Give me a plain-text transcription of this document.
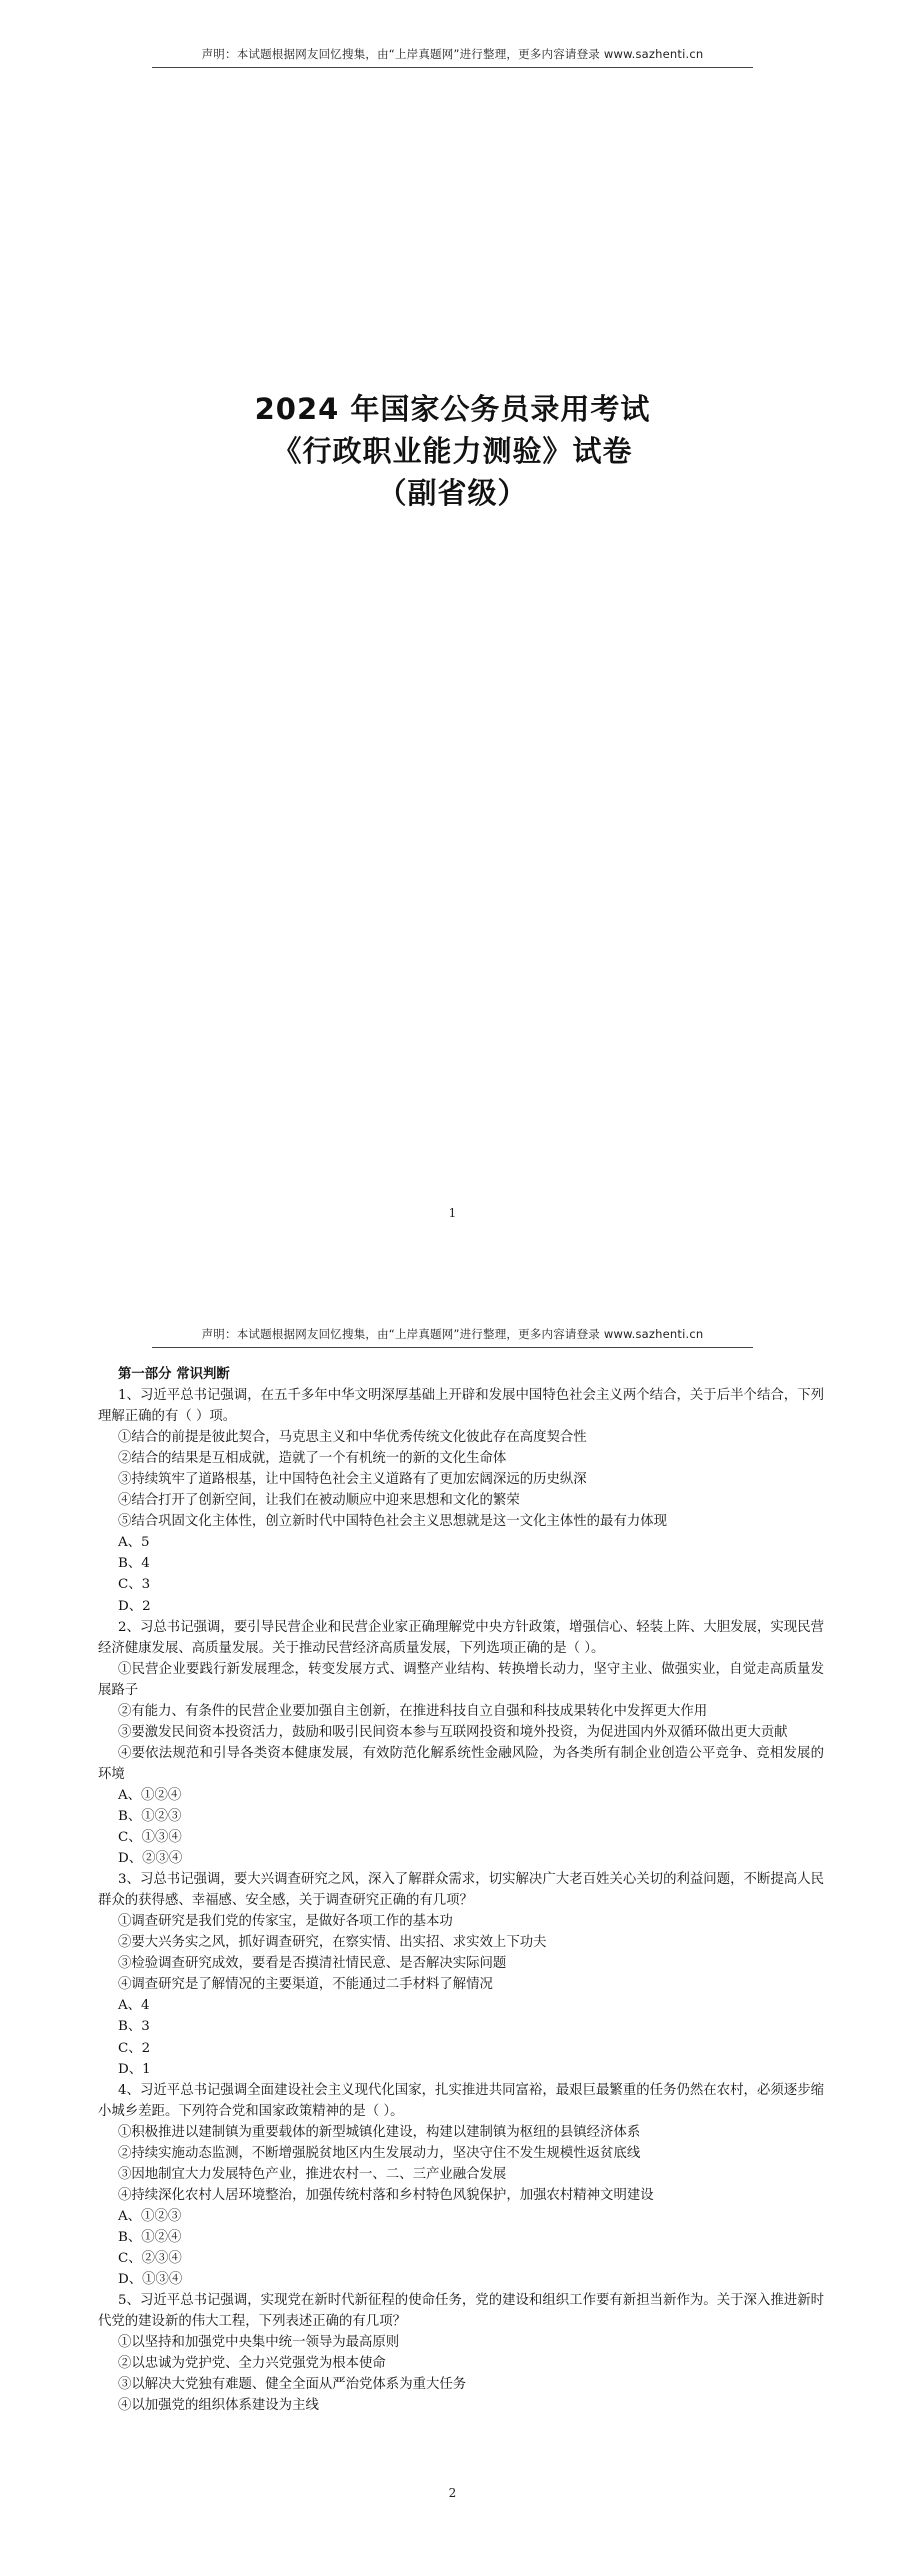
声明：本试题根据网友回忆搜集，由“上岸真题网”进行整理，更多内容请登录 www.sazhenti.cn
2024 年国家公务员录用考试
《行政职业能力测验》试卷
（副省级）
1
声明：本试题根据网友回忆搜集，由“上岸真题网”进行整理，更多内容请登录 www.sazhenti.cn
第一部分 常识判断
1、习近平总书记强调，在五千多年中华文明深厚基础上开辟和发展中国特色社会主义两个结合，关于后半个结合，下列理解正确的有（ ）项。
①结合的前提是彼此契合，马克思主义和中华优秀传统文化彼此存在高度契合性
②结合的结果是互相成就，造就了一个有机统一的新的文化生命体
③持续筑牢了道路根基，让中国特色社会主义道路有了更加宏阔深远的历史纵深
④结合打开了创新空间，让我们在被动顺应中迎来思想和文化的繁荣
⑤结合巩固文化主体性，创立新时代中国特色社会主义思想就是这一文化主体性的最有力体现
A、5
B、4
C、3
D、2
2、习总书记强调，要引导民营企业和民营企业家正确理解党中央方针政策，增强信心、轻装上阵、大胆发展，实现民营经济健康发展、高质量发展。关于推动民营经济高质量发展，下列选项正确的是（ ）。
①民营企业要践行新发展理念，转变发展方式、调整产业结构、转换增长动力，坚守主业、做强实业，自觉走高质量发展路子
②有能力、有条件的民营企业要加强自主创新，在推进科技自立自强和科技成果转化中发挥更大作用
③要激发民间资本投资活力，鼓励和吸引民间资本参与互联网投资和境外投资，为促进国内外双循环做出更大贡献
④要依法规范和引导各类资本健康发展，有效防范化解系统性金融风险，为各类所有制企业创造公平竞争、竞相发展的环境
A、①②④
B、①②③
C、①③④
D、②③④
3、习总书记强调，要大兴调查研究之风，深入了解群众需求，切实解决广大老百姓关心关切的利益问题，不断提高人民群众的获得感、幸福感、安全感，关于调查研究正确的有几项？
①调查研究是我们党的传家宝，是做好各项工作的基本功
②要大兴务实之风，抓好调查研究，在察实情、出实招、求实效上下功夫
③检验调查研究成效，要看是否摸清社情民意、是否解决实际问题
④调查研究是了解情况的主要渠道，不能通过二手材料了解情况
A、4
B、3
C、2
D、1
4、习近平总书记强调全面建设社会主义现代化国家，扎实推进共同富裕，最艰巨最繁重的任务仍然在农村，必须逐步缩小城乡差距。下列符合党和国家政策精神的是（ ）。
①积极推进以建制镇为重要载体的新型城镇化建设，构建以建制镇为枢纽的县镇经济体系
②持续实施动态监测，不断增强脱贫地区内生发展动力，坚决守住不发生规模性返贫底线
③因地制宜大力发展特色产业，推进农村一、二、三产业融合发展
④持续深化农村人居环境整治，加强传统村落和乡村特色风貌保护，加强农村精神文明建设
A、①②③
B、①②④
C、②③④
D、①③④
5、习近平总书记强调，实现党在新时代新征程的使命任务，党的建设和组织工作要有新担当新作为。关于深入推进新时代党的建设新的伟大工程，下列表述正确的有几项？
①以坚持和加强党中央集中统一领导为最高原则
②以忠诚为党护党、全力兴党强党为根本使命
③以解决大党独有难题、健全全面从严治党体系为重大任务
④以加强党的组织体系建设为主线
2
